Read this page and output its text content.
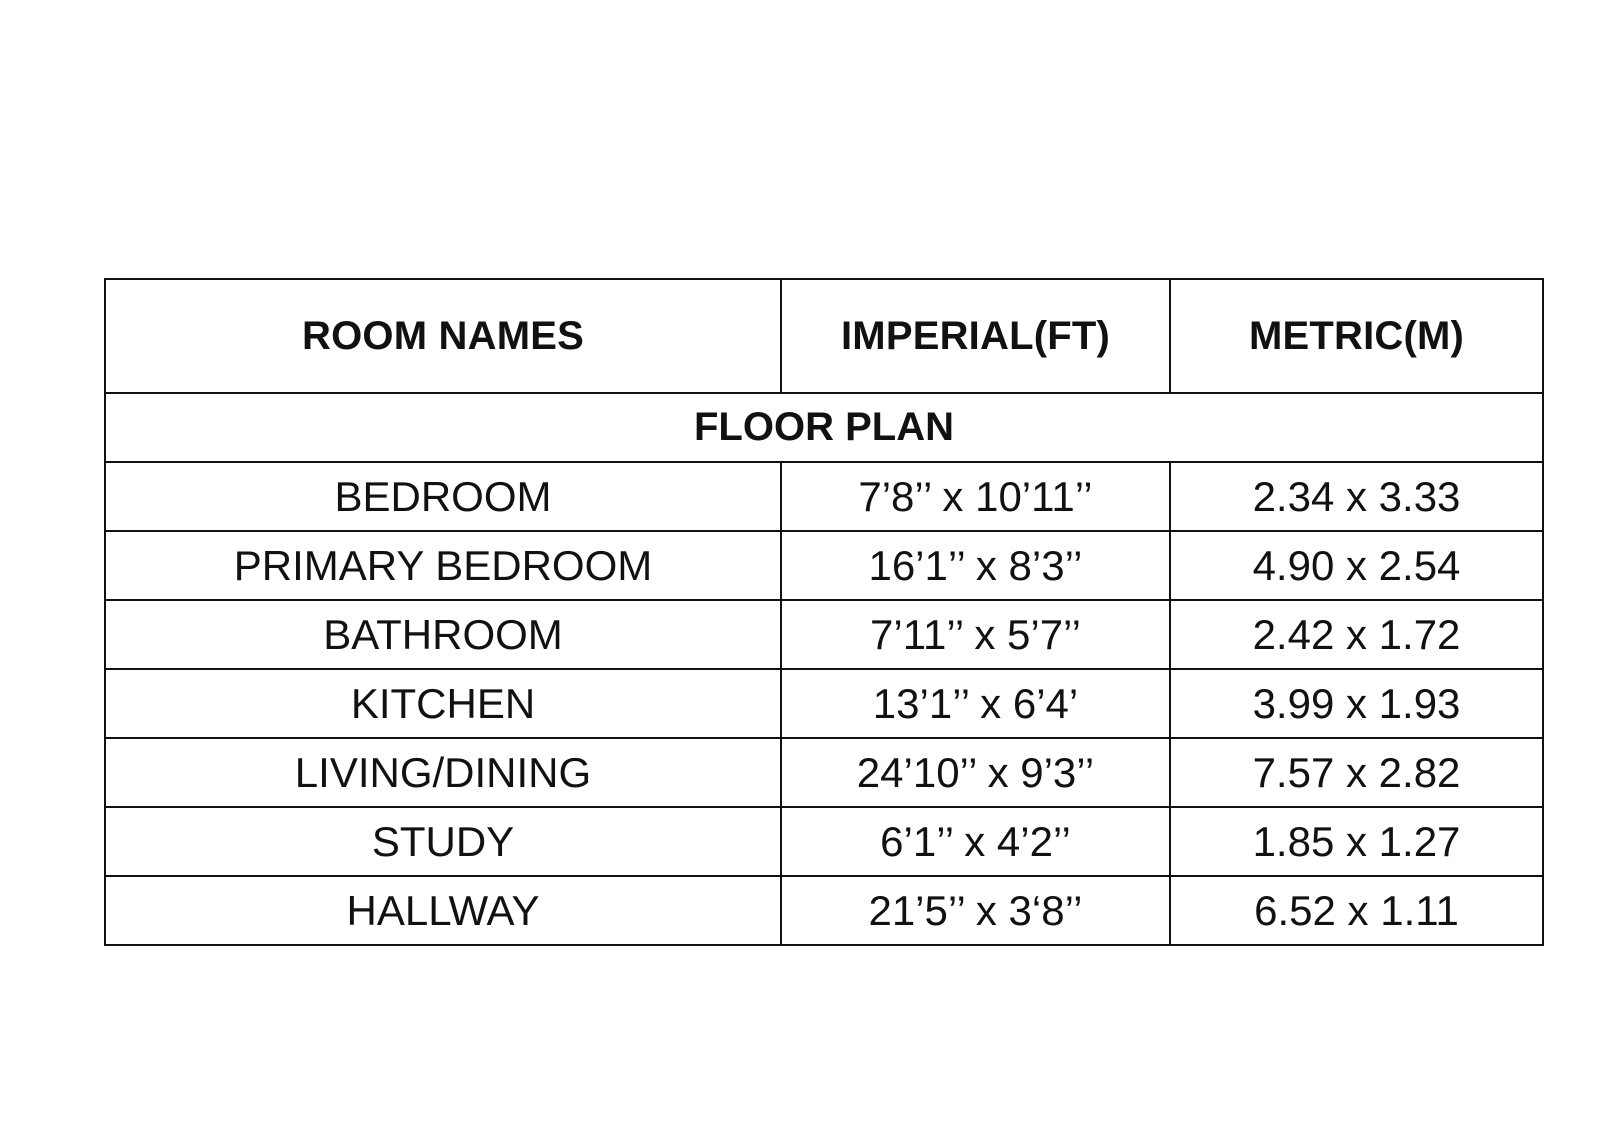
ROOM NAMES	IMPERIAL(FT)	METRIC(M)
FLOOR PLAN		
BEDROOM	7’8’’ x 10’11’’	2.34 x 3.33
PRIMARY BEDROOM	16’1’’ x 8’3’’	4.90 x 2.54
BATHROOM	7’11’’ x 5’7’’	2.42 x 1.72
KITCHEN	13’1’’ x 6’4’	3.99 x 1.93
LIVING/DINING	24’10’’ x 9’3’’	7.57 x 2.82
STUDY	6’1’’ x 4’2’’	1.85 x 1.27
HALLWAY	21’5’’ x 3‘8’’	6.52 x 1.11
